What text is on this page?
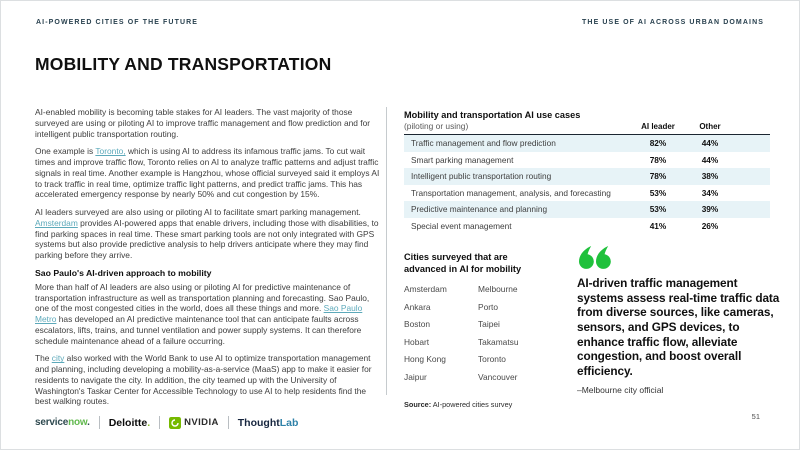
AI-POWERED CITIES OF THE FUTURE	THE USE OF AI ACROSS URBAN DOMAINS
MOBILITY AND TRANSPORTATION

AI-enabled mobility is becoming table stakes for AI leaders. The vast majority of those surveyed are using or piloting AI to improve traffic management and flow prediction and for intelligent public transportation routing.

One example is Toronto, which is using AI to address its infamous traffic jams. To cut wait times and improve traffic flow, Toronto relies on AI to analyze traffic patterns and adjust traffic signals in real time. Another example is Hangzhou, whose official surveyed said it employs AI to track traffic in real time, optimize traffic light patterns, and predict traffic jams. This has accelerated emergency response by nearly 50% and cut congestion by 15%.

AI leaders surveyed are also using or piloting AI to facilitate smart parking management. Amsterdam provides AI-powered apps that enable drivers, including those with disabilities, to find parking spaces in real time. These smart parking tools are not only integrated with GPS systems but also provide predictive analysis to help drivers anticipate where they may find parking before they arrive.

Sao Paulo's AI-driven approach to mobility

More than half of AI leaders are also using or piloting AI for predictive maintenance of transportation infrastructure as well as transportation planning and forecasting. Sao Paulo, one of the most congested cities in the world, does all these things and more. Sao Paulo Metro has developed an AI predictive maintenance tool that can anticipate faults across escalators, lifts, trains, and tunnel ventilation and power supply systems. It can therefore schedule maintenance ahead of a failure occurring.

The city also worked with the World Bank to use AI to optimize transportation management and planning, including developing a mobility-as-a-service (MaaS) app to make it easier for residents to navigate the city. In addition, the city teamed up with the University of Washington's Taskar Center for Accessible Technology to use AI to help residents find the best walking routes.

Mobility and transportation AI use cases
(piloting or using)	AI leader	Other
Traffic management and flow prediction	82%	44%
Smart parking management	78%	44%
Intelligent public transportation routing	78%	38%
Transportation management, analysis, and forecasting	53%	34%
Predictive maintenance and planning	53%	39%
Special event management	41%	26%
Cities surveyed that are advanced in AI for mobility
Amsterdam
Ankara
Boston
Hobart
Hong Kong
Jaipur
Melbourne
Porto
Taipei
Takamatsu
Toronto
Vancouver
Source: AI-powered cities survey
AI-driven traffic management systems assess real-time traffic data from diverse sources, like cameras, sensors, and GPS devices, to enhance traffic flow, alleviate congestion, and boost overall efficiency.
–Melbourne city official
servicenow. Deloitte.	NVIDIA ThoughtLab	51
